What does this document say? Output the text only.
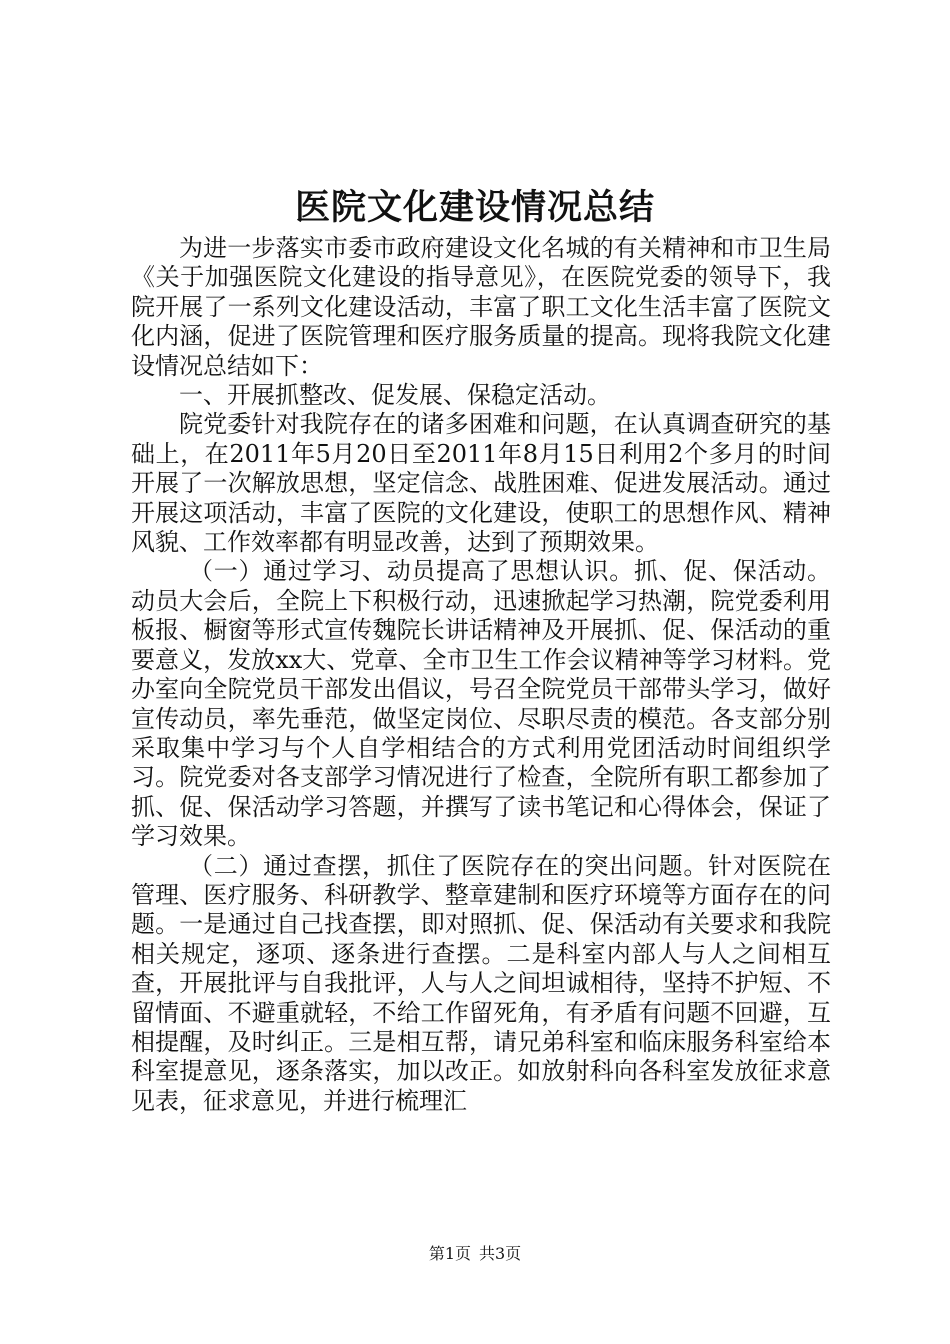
医院文化建设情况总结

为进一步落实市委市政府建设文化名城的有关精神和市卫生局《关于加强医院文化建设的指导意见》，在医院党委的领导下，我院开展了一系列文化建设活动，丰富了职工文化生活丰富了医院文化内涵，促进了医院管理和医疗服务质量的提高。现将我院文化建设情况总结如下：

一、开展抓整改、促发展、保稳定活动。

院党委针对我院存在的诸多困难和问题，在认真调查研究的基础上，在2011年5月20日至2011年8月15日利用2个多月的时间开展了一次解放思想，坚定信念、战胜困难、促进发展活动。通过开展这项活动，丰富了医院的文化建设，使职工的思想作风、精神风貌、工作效率都有明显改善，达到了预期效果。

（一）通过学习、动员提高了思想认识。抓、促、保活动。动员大会后，全院上下积极行动，迅速掀起学习热潮，院党委利用板报、橱窗等形式宣传魏院长讲话精神及开展抓、促、保活动的重要意义，发放xx大、党章、全市卫生工作会议精神等学习材料。党办室向全院党员干部发出倡议，号召全院党员干部带头学习，做好宣传动员，率先垂范，做坚定岗位、尽职尽责的模范。各支部分别采取集中学习与个人自学相结合的方式利用党团活动时间组织学习。院党委对各支部学习情况进行了检查，全院所有职工都参加了抓、促、保活动学习答题，并撰写了读书笔记和心得体会，保证了学习效果。

（二）通过查摆，抓住了医院存在的突出问题。针对医院在管理、医疗服务、科研教学、整章建制和医疗环境等方面存在的问题。一是通过自己找查摆，即对照抓、促、保活动有关要求和我院相关规定，逐项、逐条进行查摆。二是科室内部人与人之间相互查，开展批评与自我批评，人与人之间坦诚相待，坚持不护短、不留情面、不避重就轻，不给工作留死角，有矛盾有问题不回避，互相提醒，及时纠正。三是相互帮，请兄弟科室和临床服务科室给本科室提意见，逐条落实，加以改正。如放射科向各科室发放征求意见表，征求意见，并进行梳理汇

第1页 共3页
